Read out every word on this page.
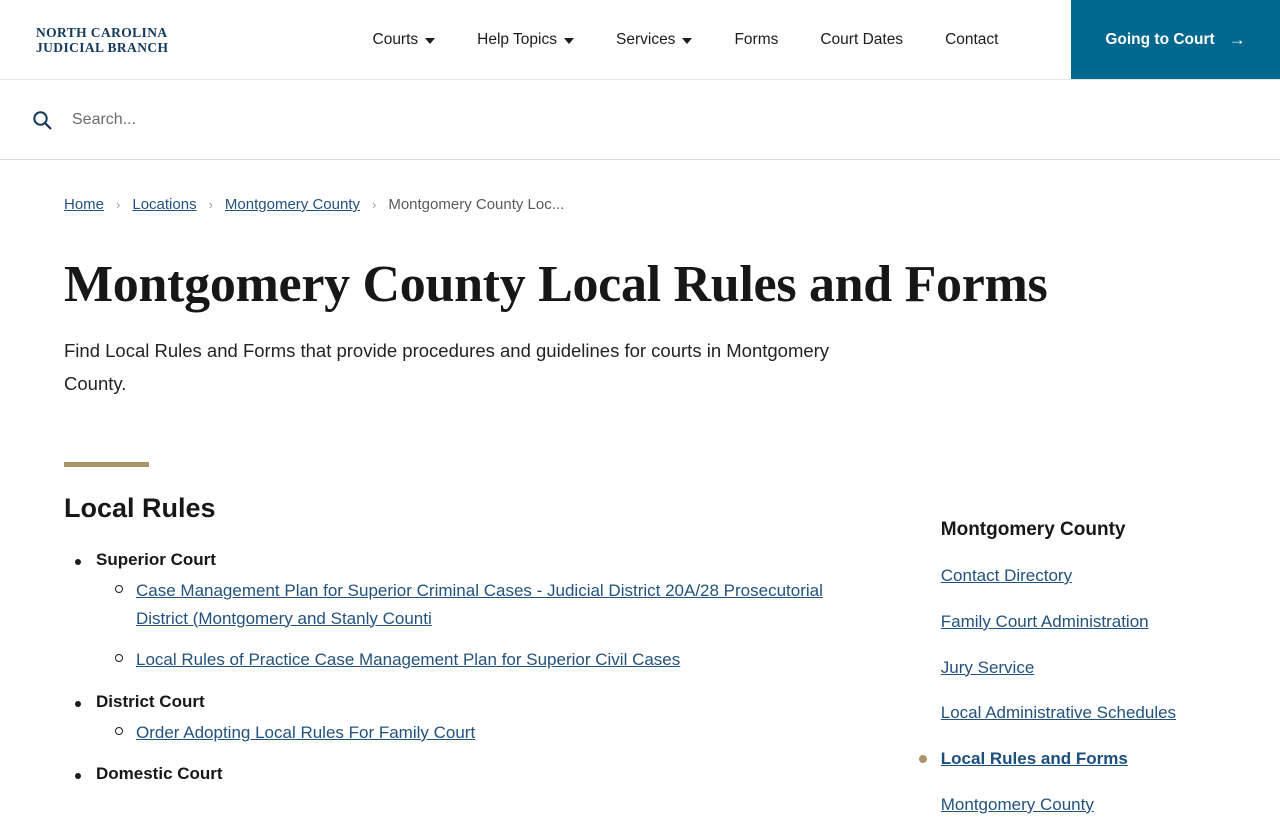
NORTH CAROLINA
JUDICIAL BRANCH	Courts	Help Topics	Services	Forms	Court Dates	Contact	Going to Court →
Search...
Home › Locations › Montgomery County › Montgomery County Loc...
Montgomery County Local Rules and Forms

Find Local Rules and Forms that provide procedures and guidelines for courts in Montgomery County.

Local Rules
Superior Court
Case Management Plan for Superior Criminal Cases - Judicial District 20A/28 Prosecutorial District (Montgomery and Stanly Counti
Local Rules of Practice Case Management Plan for Superior Civil Cases
District Court
Order Adopting Local Rules For Family Court
Domestic Court
Montgomery County
Contact Directory
Family Court Administration
Jury Service
Local Administrative Schedules
Local Rules and Forms
Montgomery County
